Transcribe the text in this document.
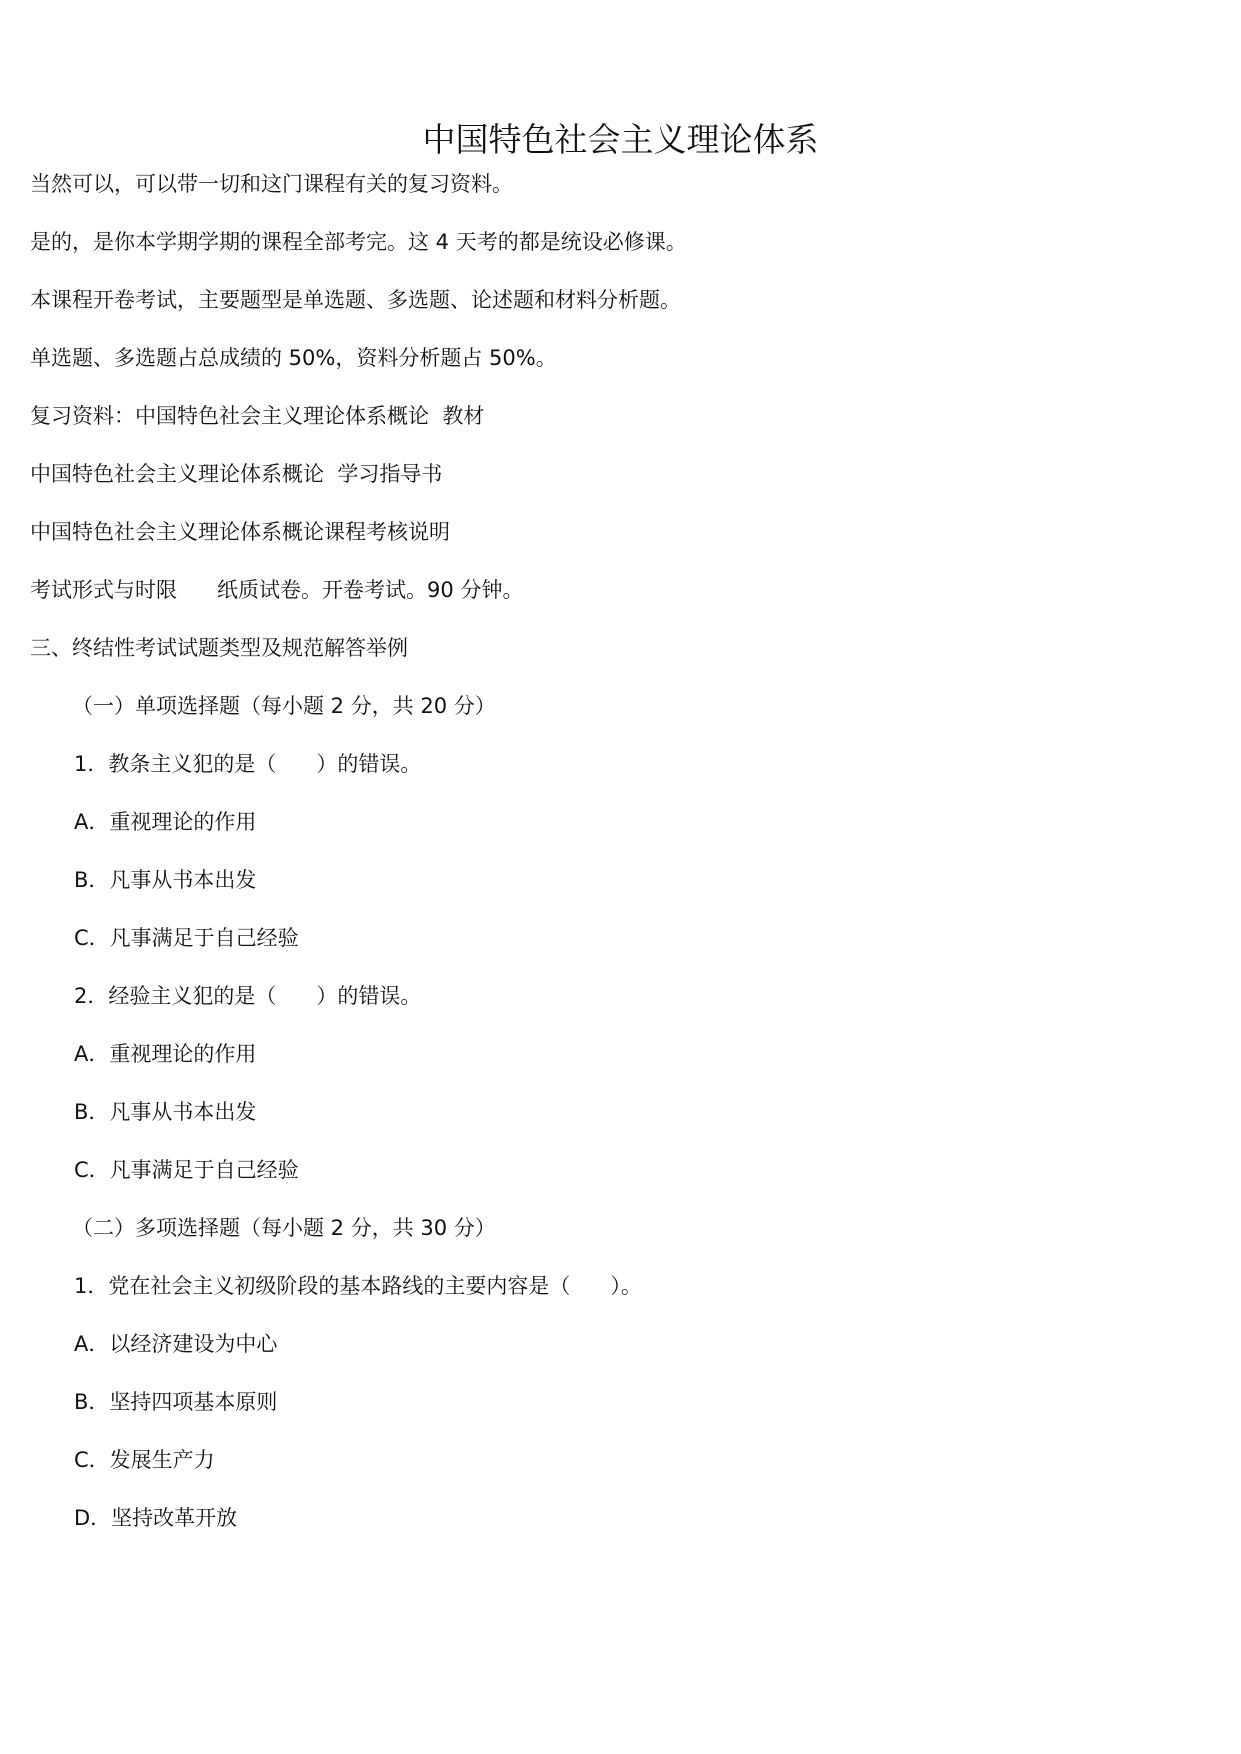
中国特色社会主义理论体系
当然可以，可以带一切和这门课程有关的复习资料。
是的，是你本学期学期的课程全部考完。这 4 天考的都是统设必修课。
本课程开卷考试，主要题型是单选题、多选题、论述题和材料分析题。
单选题、多选题占总成绩的 50%，资料分析题占 50%。
复习资料：中国特色社会主义理论体系概论  教材
中国特色社会主义理论体系概论  学习指导书
中国特色社会主义理论体系概论课程考核说明
考试形式与时限      纸质试卷。开卷考试。90 分钟。
三、终结性考试试题类型及规范解答举例
（一）单项选择题（每小题 2 分，共 20 分）
1．教条主义犯的是（      ）的错误。
A．重视理论的作用
B．凡事从书本出发
C．凡事满足于自己经验
2．经验主义犯的是（      ）的错误。
A．重视理论的作用
B．凡事从书本出发
C．凡事满足于自己经验
（二）多项选择题（每小题 2 分，共 30 分）
1．党在社会主义初级阶段的基本路线的主要内容是（      ）。
A．以经济建设为中心
B．坚持四项基本原则
C．发展生产力
D．坚持改革开放
